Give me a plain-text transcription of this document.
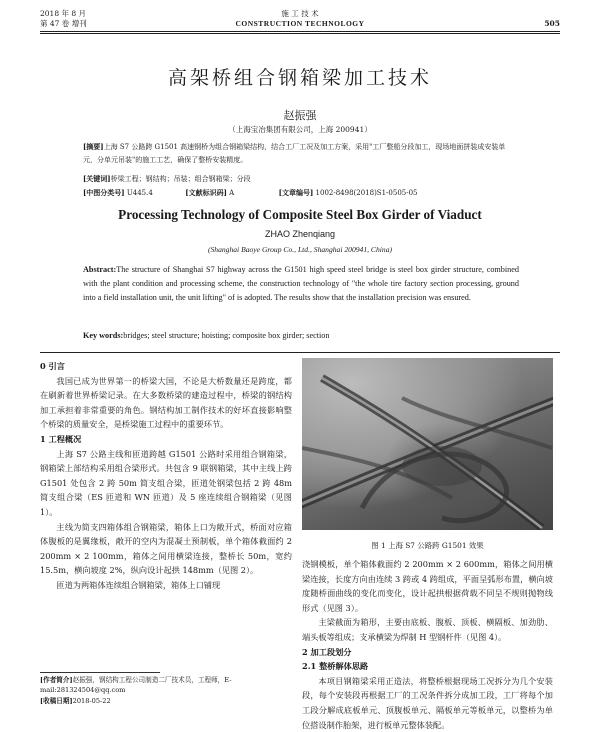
2018 年 8 月
第 47 卷 增刊
施 工 技 术
CONSTRUCTION TECHNOLOGY	505
高架桥组合钢箱梁加工技术
赵振强
（上海宝冶集团有限公司，上海 200941）
[摘要]上海 S7 公路跨 G1501 高速钢桥为组合钢箱梁结构，结合工厂工况及加工方案，采用"工厂整船分段加工，现场地面拼装成安装单元，分单元吊装"的施工工艺，确保了整桥安装精度。
[关键词]桥梁工程；钢结构；吊装；组合钢箱梁；分段
[中图分类号] U445.4	[文献标识码] A	[文章编号] 1002-8498(2018)S1-0505-05
Processing Technology of Composite Steel Box Girder of Viaduct
ZHAO Zhenqiang
(Shanghai Baoye Group Co., Ltd., Shanghai 200941, China)
Abstract:The structure of Shanghai S7 highway across the G1501 high speed steel bridge is steel box girder structure, combined with the plant condition and processing scheme, the construction technology of "the whole tire factory section processing, ground into a field installation unit, the unit lifting" of is adopted. The results show that the installation precision was ensured.
Key words:bridges; steel structure; hoisting; composite box girder; section
0 引言
我国已成为世界第一的桥梁大国，不论是大桥数量还是跨度，都在刷新着世界桥梁记录。在大多数桥梁的建造过程中，桥梁的钢结构加工承担着非常重要的角色。钢结构加工制作技术的好坏直接影响整个桥梁的质量安全，是桥梁施工过程中的重要环节。
1 工程概况
上海 S7 公路主线和匝道跨越 G1501 公路时采用组合钢箱梁，钢箱梁上部结构采用组合梁形式。共包含 9 联钢箱梁，其中主线上跨 G1501 处包含 2 跨 50m 简支组合梁，匝道处钢梁包括 2 跨 48m 简支组合梁（ES 匝道和 WN 匝道）及 5 座连续组合钢箱梁（见图 1）。
主线为简支四箱体组合钢箱梁，箱体上口为敞开式，桥面对应箱体腹板的是翼缘板，敞开的空内为混凝土预制板，单个箱体截面约 2 200mm × 2 100mm，箱体之间用横梁连接，整桥长 50m，宽约 15.5m，横向坡度 2%，纵向设计起拱 148mm（见图 2）。
匝道为两箱体连续组合钢箱梁，箱体上口铺现
图 1 上海 S7 公路跨 G1501 效果
浇钢模板，单个箱体截面约 2 200mm × 2 600mm，箱体之间用横梁连接，长度方向由连续 3 跨或 4 跨组成，平面呈弧形布置，横向坡度随桥面曲线的变化而变化，设计起拱根据荷载不同呈不规则抛物线形式（见图 3）。
主梁截面为箱形，主要由底板、腹板、顶板、横隔板、加劲肋、端头板等组成；支承横梁为焊制 H 型钢杆件（见图 4）。
2 加工段划分
2.1 整桥解体思路
本项目钢箱梁采用正造法，将整桥根据现场工况拆分为几个安装段，每个安装段再根据工厂的工况条件拆分成加工段，工厂将每个加工段分解成底板单元、顶腹板单元、隔板单元等板单元，以整桥为单位搭设制作胎架，进行板单元整体装配。
[作者简介]赵振强，钢结构工程公司制造二厂技术员，工程师，E-mail:281324504@qq.com
[收稿日期]2018-05-22
